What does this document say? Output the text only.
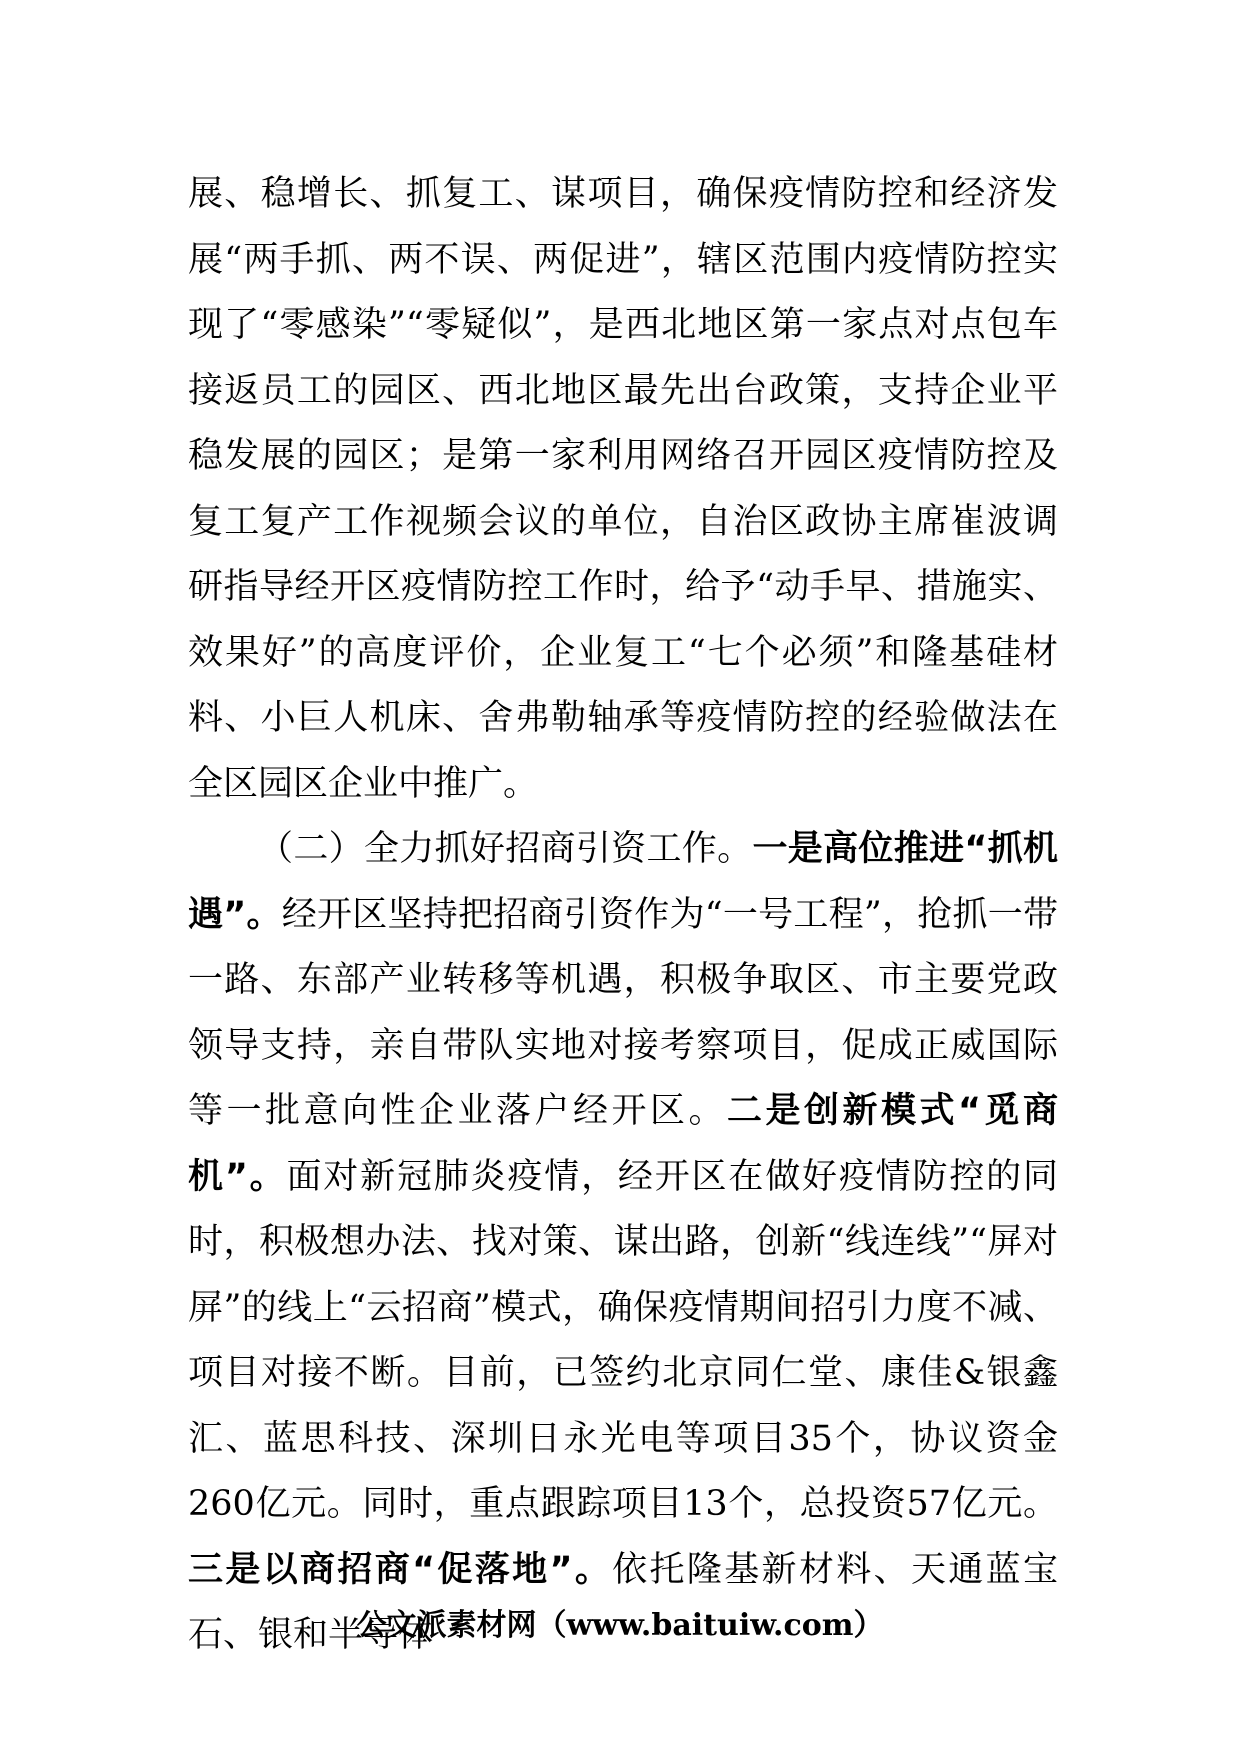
展、稳增长、抓复工、谋项目，确保疫情防控和经济发展“两手抓、两不误、两促进”，辖区范围内疫情防控实现了“零感染”“零疑似”，是西北地区第一家点对点包车接返员工的园区、西北地区最先出台政策，支持企业平稳发展的园区；是第一家利用网络召开园区疫情防控及复工复产工作视频会议的单位，自治区政协主席崔波调研指导经开区疫情防控工作时，给予“动手早、措施实、效果好”的高度评价，企业复工“七个必须”和隆基硅材料、小巨人机床、舍弗勒轴承等疫情防控的经验做法在全区园区企业中推广。

（二）全力抓好招商引资工作。一是高位推进“抓机遇”。经开区坚持把招商引资作为“一号工程”，抢抓一带一路、东部产业转移等机遇，积极争取区、市主要党政领导支持，亲自带队实地对接考察项目，促成正威国际等一批意向性企业落户经开区。二是创新模式“觅商机”。面对新冠肺炎疫情，经开区在做好疫情防控的同时，积极想办法、找对策、谋出路，创新“线连线”“屏对屏”的线上“云招商”模式，确保疫情期间招引力度不减、项目对接不断。目前，已签约北京同仁堂、康佳&银鑫汇、蓝思科技、深圳日永光电等项目35个，协议资金260亿元。同时，重点跟踪项目13个，总投资57亿元。三是以商招商“促落地”。依托隆基新材料、天通蓝宝石、银和半导体

公文派素材网（www.baituiw.com）
